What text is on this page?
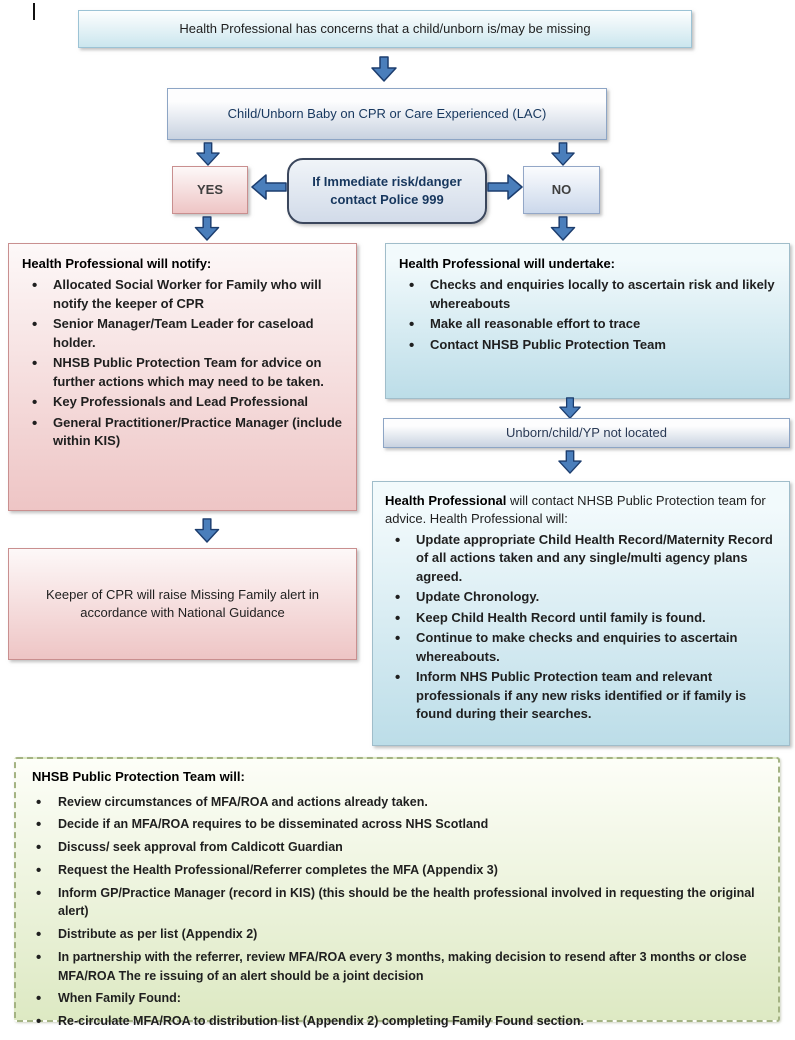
Health Professional has concerns that a child/unborn is/may be missing
Child/Unborn Baby on CPR or Care Experienced (LAC)
YES
If Immediate risk/danger contact Police 999
NO

Health Professional will notify:

• Allocated Social Worker for Family who will notify the keeper of CPR
• Senior Manager/Team Leader for caseload holder.
• NHSB Public Protection Team for advice on further actions which may need to be taken.
• Key Professionals and Lead Professional
• General Practitioner/Practice Manager (include within KIS)

Health Professional will undertake:

• Checks and enquiries locally to ascertain risk and likely whereabouts
• Make all reasonable effort to trace
• Contact NHSB Public Protection Team
Unborn/child/YP not located

Health Professional will contact NHSB Public Protection team for advice. Health Professional will:

• Update appropriate Child Health Record/Maternity Record of all actions taken and any single/multi agency plans agreed.
• Update Chronology.
• Keep Child Health Record until family is found.
• Continue to make checks and enquiries to ascertain whereabouts.
• Inform NHS Public Protection team and relevant professionals if any new risks identified or if family is found during their searches.
Keeper of CPR will raise Missing Family alert in accordance with National Guidance

NHSB Public Protection Team will:

• Review circumstances of MFA/ROA and actions already taken.
• Decide if an MFA/ROA requires to be disseminated across NHS Scotland
• Discuss/ seek approval from Caldicott Guardian
• Request the Health Professional/Referrer completes the MFA (Appendix 3)
• Inform GP/Practice Manager (record in KIS) (this should be the health professional involved in requesting the original alert)
• Distribute as per list (Appendix 2)
• In partnership with the referrer, review MFA/ROA every 3 months, making decision to resend after 3 months or close MFA/ROA The re issuing of an alert should be a joint decision
• When Family Found:
• Re-circulate MFA/ROA to distribution list (Appendix 2) completing Family Found section.
